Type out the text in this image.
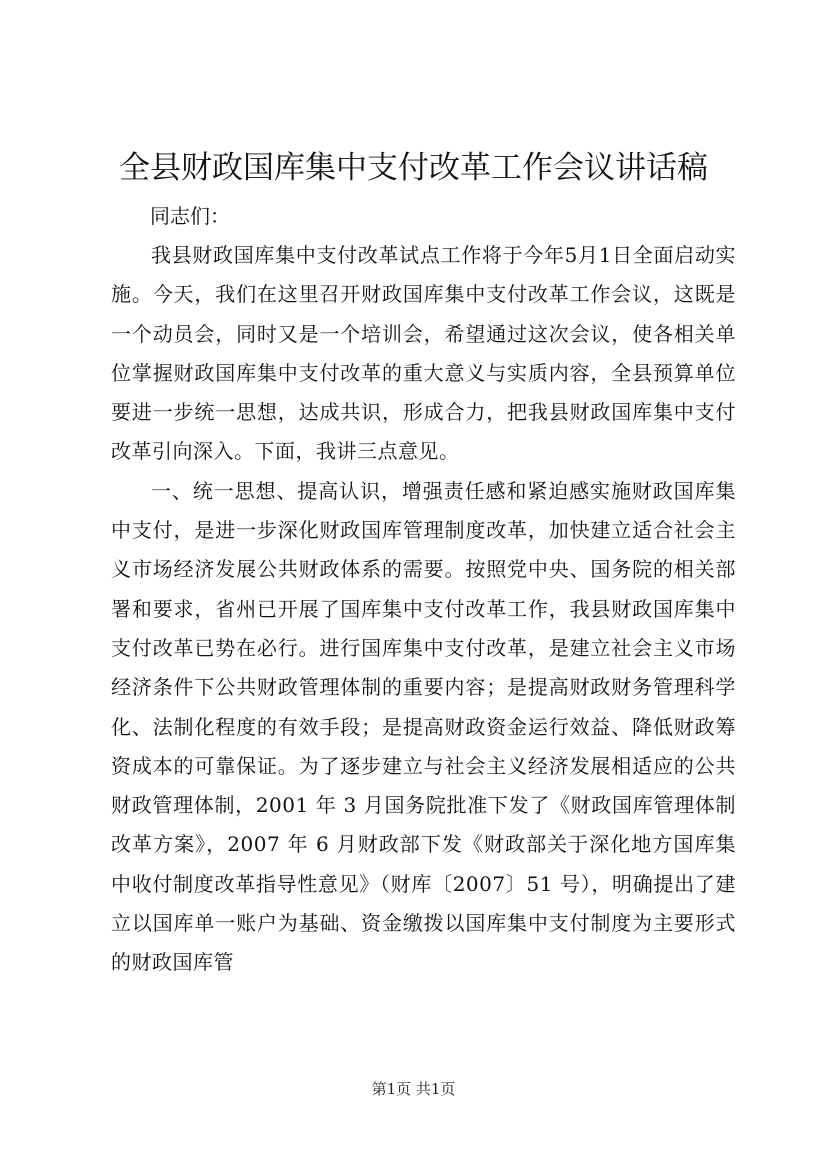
全县财政国库集中支付改革工作会议讲话稿
同志们：

我县财政国库集中支付改革试点工作将于今年5月1日全面启动实施。今天，我们在这里召开财政国库集中支付改革工作会议，这既是一个动员会，同时又是一个培训会，希望通过这次会议，使各相关单位掌握财政国库集中支付改革的重大意义与实质内容，全县预算单位要进一步统一思想，达成共识，形成合力，把我县财政国库集中支付改革引向深入。下面，我讲三点意见。

一、统一思想、提高认识，增强责任感和紧迫感实施财政国库集中支付，是进一步深化财政国库管理制度改革，加快建立适合社会主义市场经济发展公共财政体系的需要。按照党中央、国务院的相关部署和要求，省州已开展了国库集中支付改革工作，我县财政国库集中支付改革已势在必行。进行国库集中支付改革，是建立社会主义市场经济条件下公共财政管理体制的重要内容；是提高财政财务管理科学化、法制化程度的有效手段；是提高财政资金运行效益、降低财政筹资成本的可靠保证。为了逐步建立与社会主义经济发展相适应的公共财政管理体制，2001 年 3 月国务院批准下发了《财政国库管理体制改革方案》，2007 年 6 月财政部下发《财政部关于深化地方国库集中收付制度改革指导性意见》（财库〔2007〕51 号），明确提出了建立以国库单一账户为基础、资金缴拨以国库集中支付制度为主要形式的财政国库管

第1页 共1页
